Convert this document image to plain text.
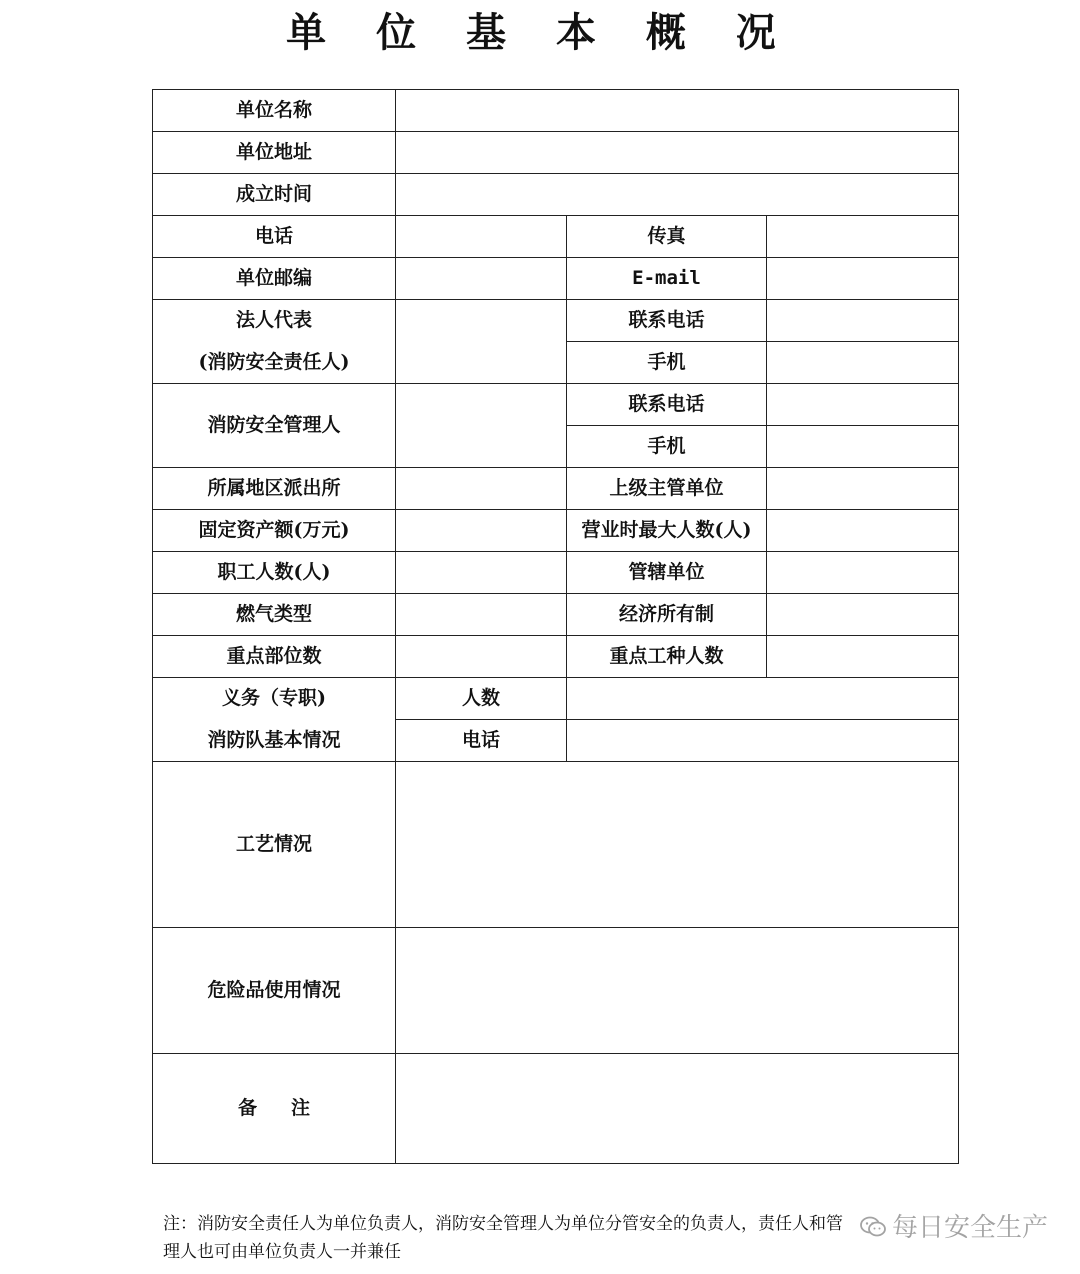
单 位 基 本 概 况
单位名称			
单位地址			
成立时间			
电话		传真	
单位邮编		E-mail	

法人代表
(消防安全责任人)		联系电话	
		手机	
消防安全管理人		联系电话	
		手机	
所属地区派出所		上级主管单位	
固定资产额(万元)		营业时最大人数(人)	
职工人数(人)		管辖单位	
燃气类型		经济所有制	
重点部位数		重点工种人数	

义务（专职)
消防队基本情况	人数		
	电话		
工艺情况			
危险品使用情况			
备注			
注：消防安全责任人为单位负责人，消防安全管理人为单位分管安全的负责人，责任人和管
理人也可由单位负责人一并兼任
每日安全生产
